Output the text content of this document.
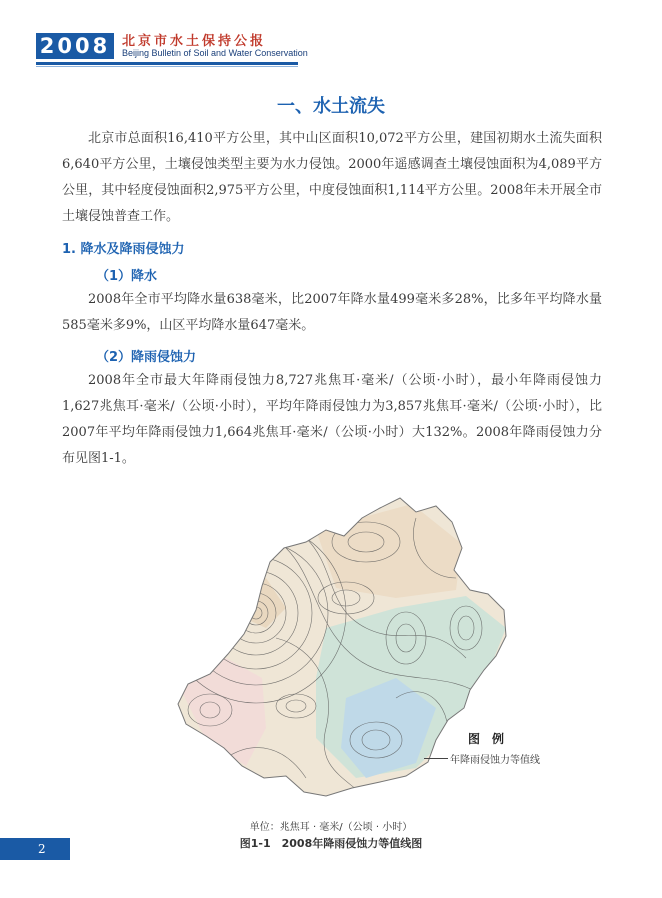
2008 北京市水土保持公报
Beijing Bulletin of Soil and Water Conservation
一、水土流失

北京市总面积16,410平方公里，其中山区面积10,072平方公里，建国初期水土流失面积6,640平方公里，土壤侵蚀类型主要为水力侵蚀。2000年遥感调查土壤侵蚀面积为4,089平方公里，其中轻度侵蚀面积2,975平方公里，中度侵蚀面积1,114平方公里。2008年未开展全市土壤侵蚀普查工作。

1. 降水及降雨侵蚀力
（1）降水

2008年全市平均降水量638毫米，比2007年降水量499毫米多28%，比多年平均降水量585毫米多9%，山区平均降水量647毫米。

（2）降雨侵蚀力

2008年全市最大年降雨侵蚀力8,727兆焦耳·毫米/（公顷·小时），最小年降雨侵蚀力1,627兆焦耳·毫米/（公顷·小时），平均年降雨侵蚀力为3,857兆焦耳·毫米/（公顷·小时），比2007年平均年降雨侵蚀力1,664兆焦耳·毫米/（公顷·小时）大132%。2008年降雨侵蚀力分布见图1-1。

图　例
年降雨侵蚀力等值线
单位：兆焦耳 · 毫米/（公顷 · 小时）
图1-1　2008年降雨侵蚀力等值线图
2
